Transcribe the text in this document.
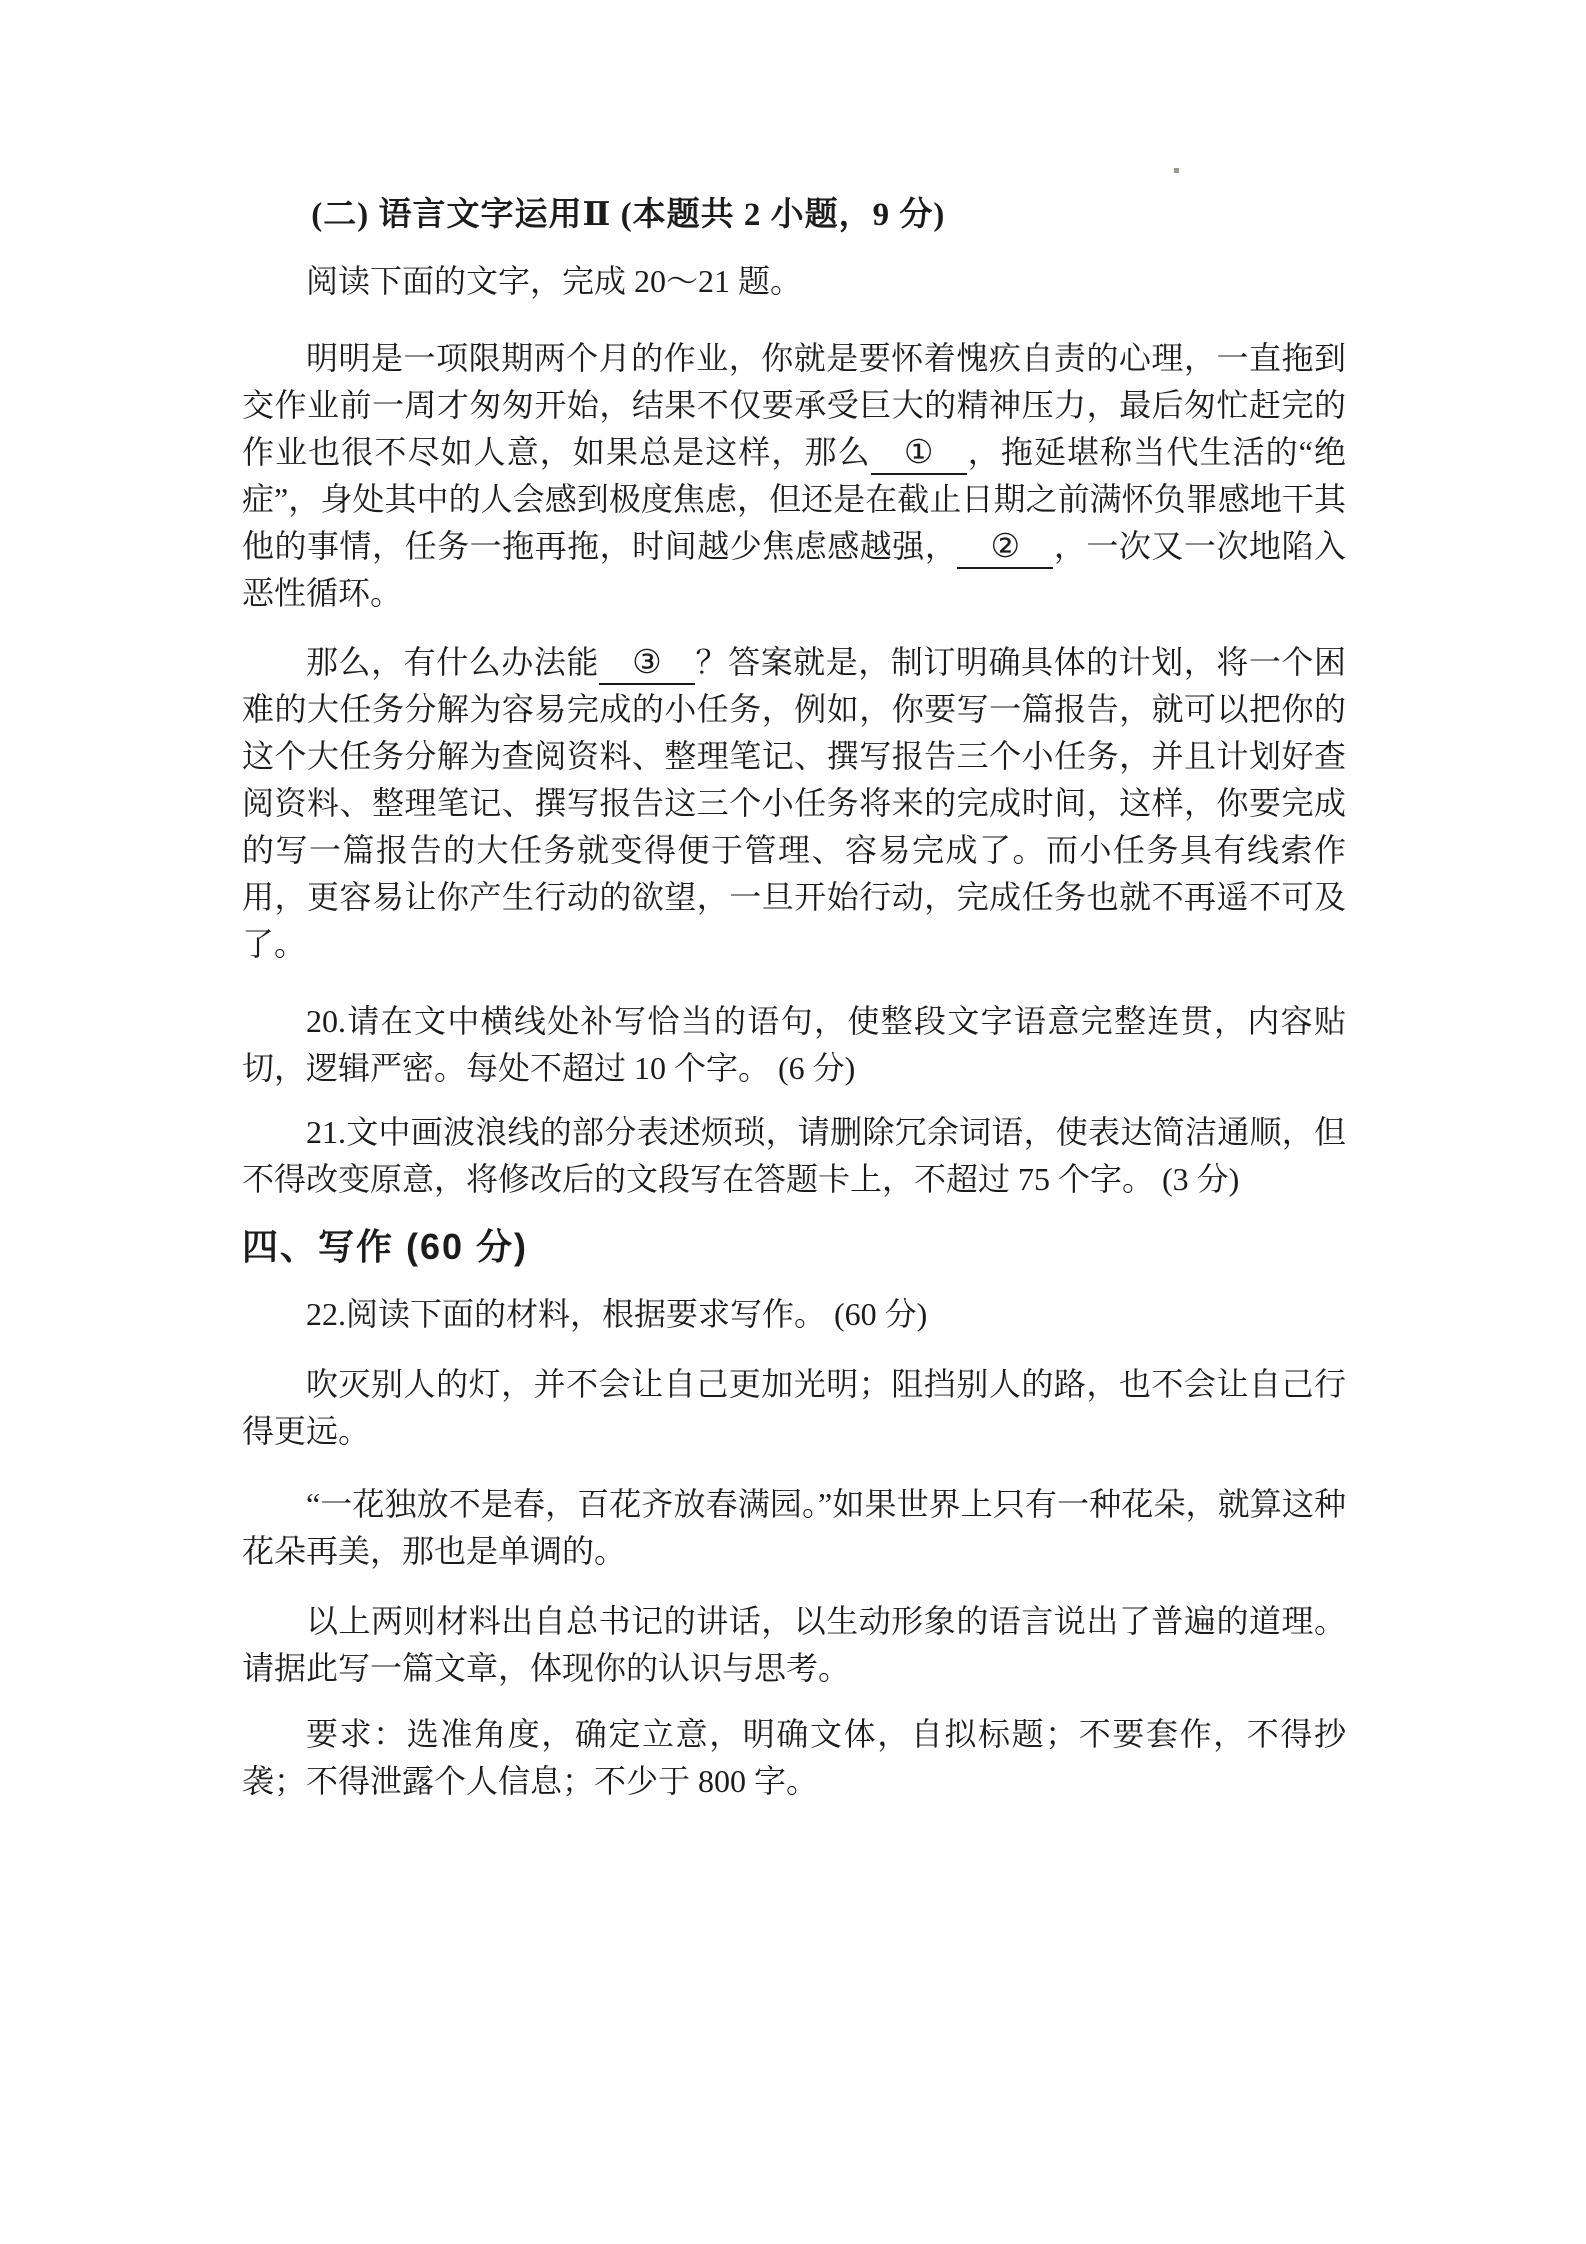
(二) 语言文字运用Ⅱ (本题共 2 小题，9 分)

阅读下面的文字，完成 20～21 题。

明明是一项限期两个月的作业，你就是要怀着愧疚自责的心理，一直拖到交作业前一周才匆匆开始，结果不仅要承受巨大的精神压力，最后匆忙赶完的作业也很不尽如人意，如果总是这样，那么 ① ，拖延堪称当代生活的“绝症”，身处其中的人会感到极度焦虑，但还是在截止日期之前满怀负罪感地干其他的事情，任务一拖再拖，时间越少焦虑感越强， ② ，一次又一次地陷入恶性循环。

那么，有什么办法能 ③ ？答案就是，制订明确具体的计划，将一个困难的大任务分解为容易完成的小任务，例如，你要写一篇报告，就可以把你的这个大任务分解为查阅资料、整理笔记、撰写报告三个小任务，并且计划好查阅资料、整理笔记、撰写报告这三个小任务将来的完成时间，这样，你要完成的写一篇报告的大任务就变得便于管理、容易完成了。而小任务具有线索作用，更容易让你产生行动的欲望，一旦开始行动，完成任务也就不再遥不可及了。

20.请在文中横线处补写恰当的语句，使整段文字语意完整连贯，内容贴切，逻辑严密。每处不超过 10 个字。 (6 分)

21.文中画波浪线的部分表述烦琐，请删除冗余词语，使表达简洁通顺，但不得改变原意，将修改后的文段写在答题卡上，不超过 75 个字。 (3 分)

四、写作 (60 分)

22.阅读下面的材料，根据要求写作。 (60 分)

吹灭别人的灯，并不会让自己更加光明；阻挡别人的路，也不会让自己行得更远。

“一花独放不是春，百花齐放春满园。”如果世界上只有一种花朵，就算这种花朵再美，那也是单调的。

以上两则材料出自总书记的讲话，以生动形象的语言说出了普遍的道理。请据此写一篇文章，体现你的认识与思考。

要求：选准角度，确定立意，明确文体，自拟标题；不要套作，不得抄袭；不得泄露个人信息；不少于 800 字。
